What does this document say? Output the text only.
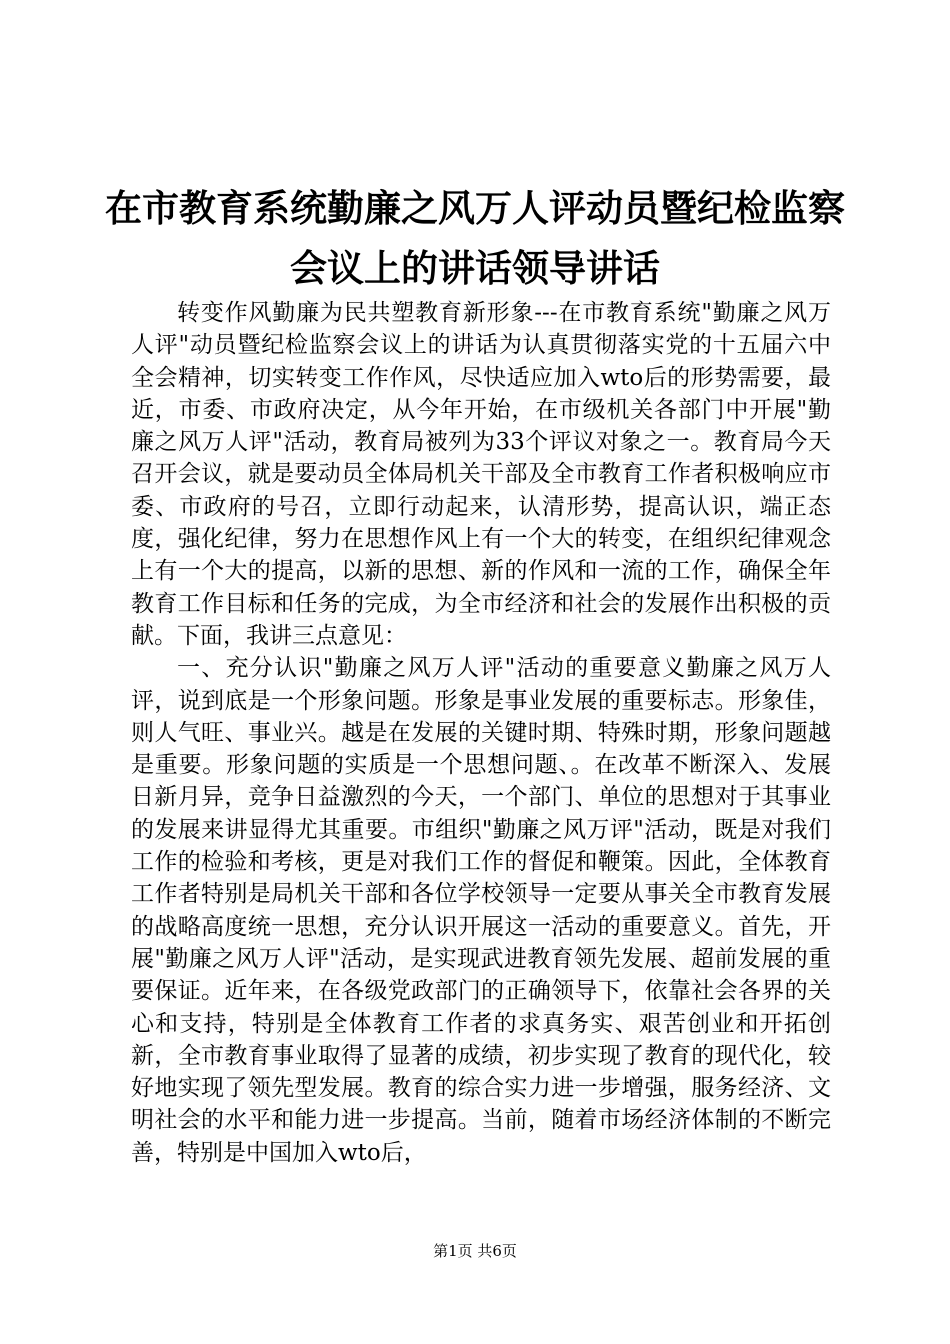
在市教育系统勤廉之风万人评动员暨纪检监察
会议上的讲话领导讲话

转变作风勤廉为民共塑教育新形象---在市教育系统"勤廉之风万人评"动员暨纪检监察会议上的讲话为认真贯彻落实党的十五届六中全会精神，切实转变工作作风，尽快适应加入wto后的形势需要，最近，市委、市政府决定，从今年开始，在市级机关各部门中开展"勤廉之风万人评"活动，教育局被列为33个评议对象之一。教育局今天召开会议，就是要动员全体局机关干部及全市教育工作者积极响应市委、市政府的号召，立即行动起来，认清形势，提高认识，端正态度，强化纪律，努力在思想作风上有一个大的转变，在组织纪律观念上有一个大的提高，以新的思想、新的作风和一流的工作，确保全年教育工作目标和任务的完成，为全市经济和社会的发展作出积极的贡献。下面，我讲三点意见：

一、充分认识"勤廉之风万人评"活动的重要意义勤廉之风万人评，说到底是一个形象问题。形象是事业发展的重要标志。形象佳，则人气旺、事业兴。越是在发展的关键时期、特殊时期，形象问题越是重要。形象问题的实质是一个思想问题、。在改革不断深入、发展日新月异，竞争日益激烈的今天，一个部门、单位的思想对于其事业的发展来讲显得尤其重要。市组织"勤廉之风万评"活动，既是对我们工作的检验和考核，更是对我们工作的督促和鞭策。因此，全体教育工作者特别是局机关干部和各位学校领导一定要从事关全市教育发展的战略高度统一思想，充分认识开展这一活动的重要意义。首先，开展"勤廉之风万人评"活动，是实现武进教育领先发展、超前发展的重要保证。近年来，在各级党政部门的正确领导下，依靠社会各界的关心和支持，特别是全体教育工作者的求真务实、艰苦创业和开拓创新，全市教育事业取得了显著的成绩，初步实现了教育的现代化，较好地实现了领先型发展。教育的综合实力进一步增强，服务经济、文明社会的水平和能力进一步提高。当前，随着市场经济体制的不断完善，特别是中国加入wto后，

第1页 共6页
